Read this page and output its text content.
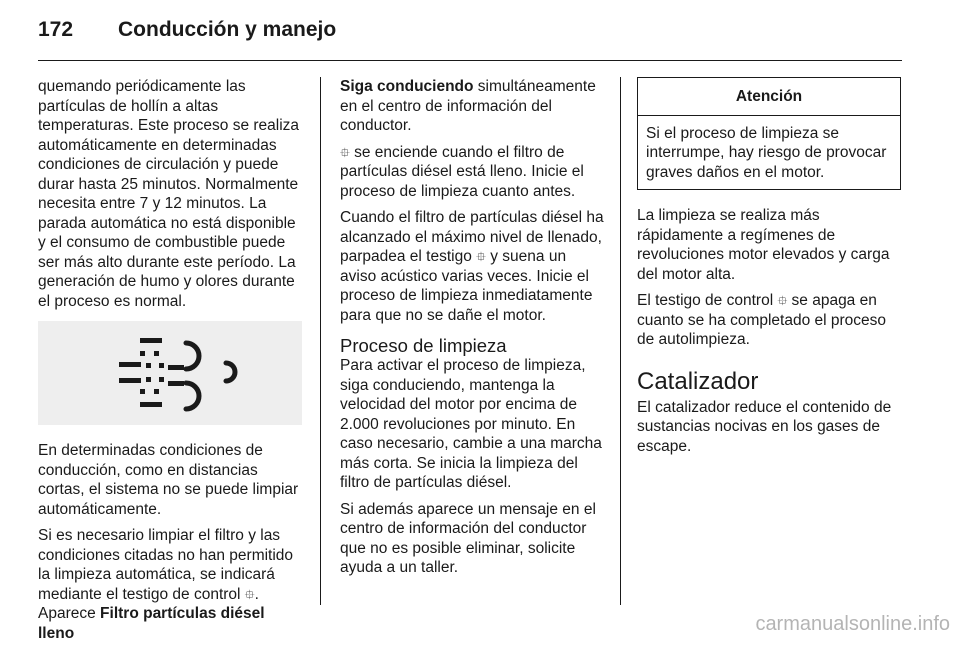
172	Conducción y manejo

quemando periódicamente las partículas de hollín a altas temperaturas. Este proceso se realiza automáticamente en determinadas condiciones de circulación y puede durar hasta 25 minutos. Normalmente necesita entre 7 y 12 minutos. La parada automática no está disponible y el consumo de combustible puede ser más alto durante este período. La generación de humo y olores durante el proceso es normal.

En determinadas condiciones de conducción, como en distancias cortas, el sistema no se puede limpiar automáticamente.

Si es necesario limpiar el filtro y las condiciones citadas no han permitido la limpieza automática, se indicará mediante el testigo de control ⯐. Aparece Filtro partículas diésel lleno

Siga conduciendo simultáneamente en el centro de información del conductor.

⯐ se enciende cuando el filtro de partículas diésel está lleno. Inicie el proceso de limpieza cuanto antes.

Cuando el filtro de partículas diésel ha alcanzado el máximo nivel de llenado, parpadea el testigo ⯐ y suena un aviso acústico varias veces. Inicie el proceso de limpieza inmediatamente para que no se dañe el motor.

Proceso de limpieza

Para activar el proceso de limpieza, siga conduciendo, mantenga la velocidad del motor por encima de 2.000 revoluciones por minuto. En caso necesario, cambie a una marcha más corta. Se inicia la limpieza del filtro de partículas diésel.

Si además aparece un mensaje en el centro de información del conductor que no es posible eliminar, solicite ayuda a un taller.

Atención
Si el proceso de limpieza se interrumpe, hay riesgo de provocar graves daños en el motor.

La limpieza se realiza más rápidamente a regímenes de revoluciones motor elevados y carga del motor alta.

El testigo de control ⯐ se apaga en cuanto se ha completado el proceso de autolimpieza.

Catalizador

El catalizador reduce el contenido de sustancias nocivas en los gases de escape.

carmanualsonline.info
